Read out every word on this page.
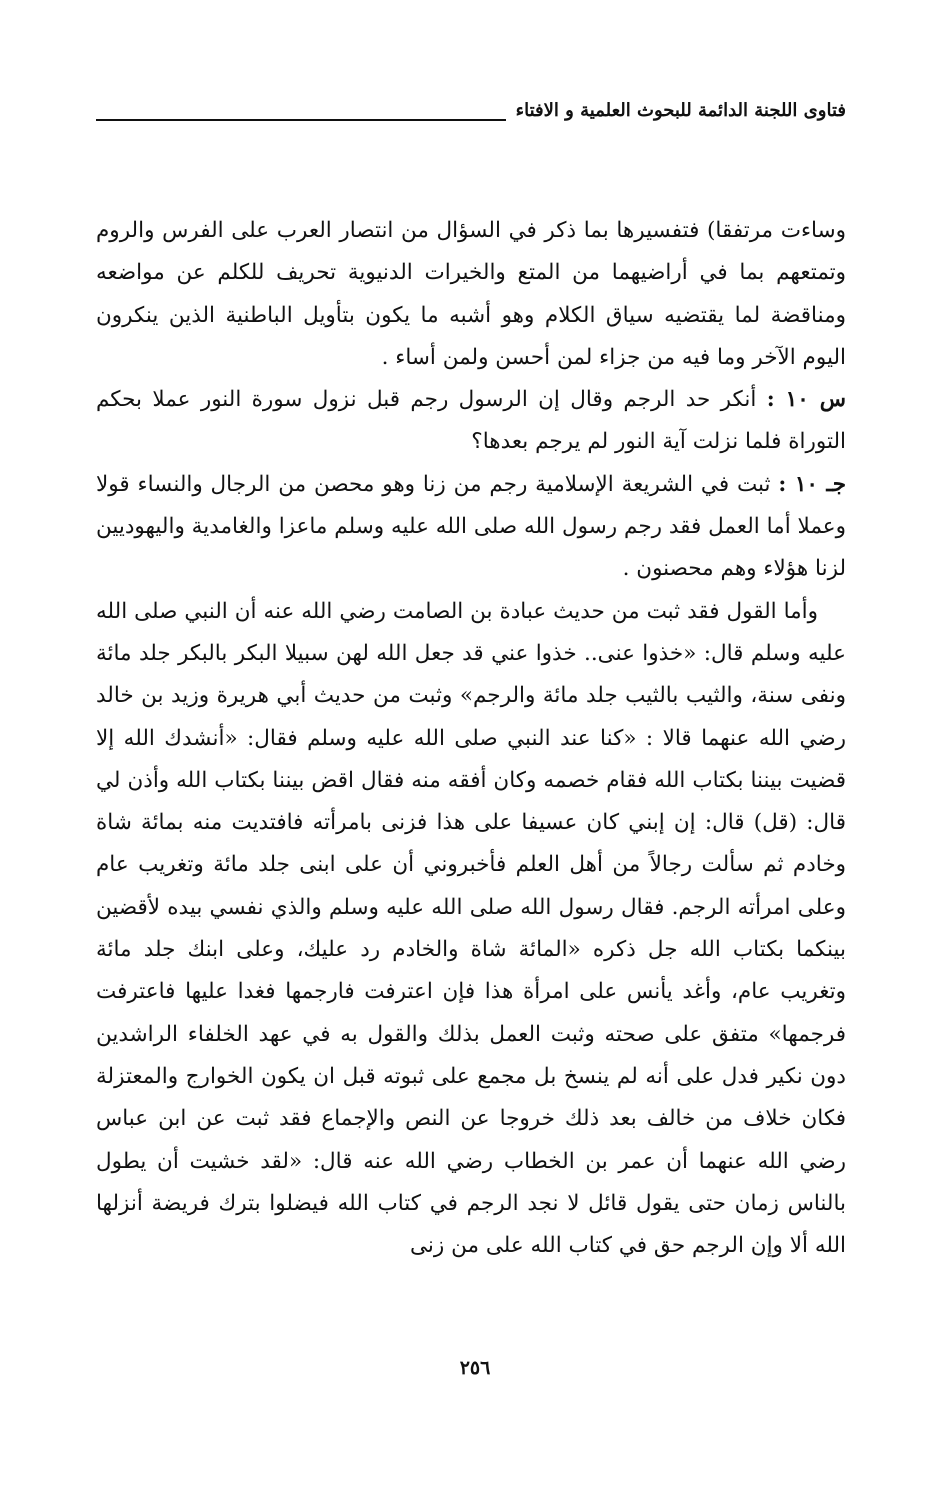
فتاوى اللجنة الدائمة للبحوث العلمية و الافتاء

وساءت مرتفقا) فتفسيرها بما ذكر في السؤال من انتصار العرب على الفرس والروم وتمتعهم بما في أراضيهما من المتع والخيرات الدنيوية تحريف للكلم عن مواضعه ومناقضة لما يقتضيه سياق الكلام وهو أشبه ما يكون بتأويل الباطنية الذين ينكرون اليوم الآخر وما فيه من جزاء لمن أحسن ولمن أساء .

س ١٠ : أنكر حد الرجم وقال إن الرسول رجم قبل نزول سورة النور عملا بحكم التوراة فلما نزلت آية النور لم يرجم بعدها؟

جـ ١٠ : ثبت في الشريعة الإسلامية رجم من زنا وهو محصن من الرجال والنساء قولا وعملا أما العمل فقد رجم رسول الله صلى الله عليه وسلم ماعزا والغامدية واليهوديين لزنا هؤلاء وهم محصنون .

وأما القول فقد ثبت من حديث عبادة بن الصامت رضي الله عنه أن النبي صلى الله عليه وسلم قال: «خذوا عنى.. خذوا عني قد جعل الله لهن سبيلا البكر بالبكر جلد مائة ونفى سنة، والثيب بالثيب جلد مائة والرجم» وثبت من حديث أبي هريرة وزيد بن خالد رضي الله عنهما قالا : «كنا عند النبي صلى الله عليه وسلم فقال: «أنشدك الله إلا قضيت بيننا بكتاب الله فقام خصمه وكان أفقه منه فقال اقض بيننا بكتاب الله وأذن لي قال: (قل) قال: إن إبني كان عسيفا على هذا فزنى بامرأته فافتديت منه بمائة شاة وخادم ثم سألت رجالاً من أهل العلم فأخبروني أن على ابنى جلد مائة وتغريب عام وعلى امرأته الرجم. فقال رسول الله صلى الله عليه وسلم والذي نفسي بيده لأقضين بينكما بكتاب الله جل ذكره «المائة شاة والخادم رد عليك، وعلى ابنك جلد مائة وتغريب عام، وأغد يأنس على امرأة هذا فإن اعترفت فارجمها فغدا عليها فاعترفت فرجمها» متفق على صحته وثبت العمل بذلك والقول به في عهد الخلفاء الراشدين دون نكير فدل على أنه لم ينسخ بل مجمع على ثبوته قبل ان يكون الخوارج والمعتزلة فكان خلاف من خالف بعد ذلك خروجا عن النص والإجماع فقد ثبت عن ابن عباس رضي الله عنهما أن عمر بن الخطاب رضي الله عنه قال: «لقد خشيت أن يطول بالناس زمان حتى يقول قائل لا نجد الرجم في كتاب الله فيضلوا بترك فريضة أنزلها الله ألا وإن الرجم حق في كتاب الله على من زنى

٢٥٦
